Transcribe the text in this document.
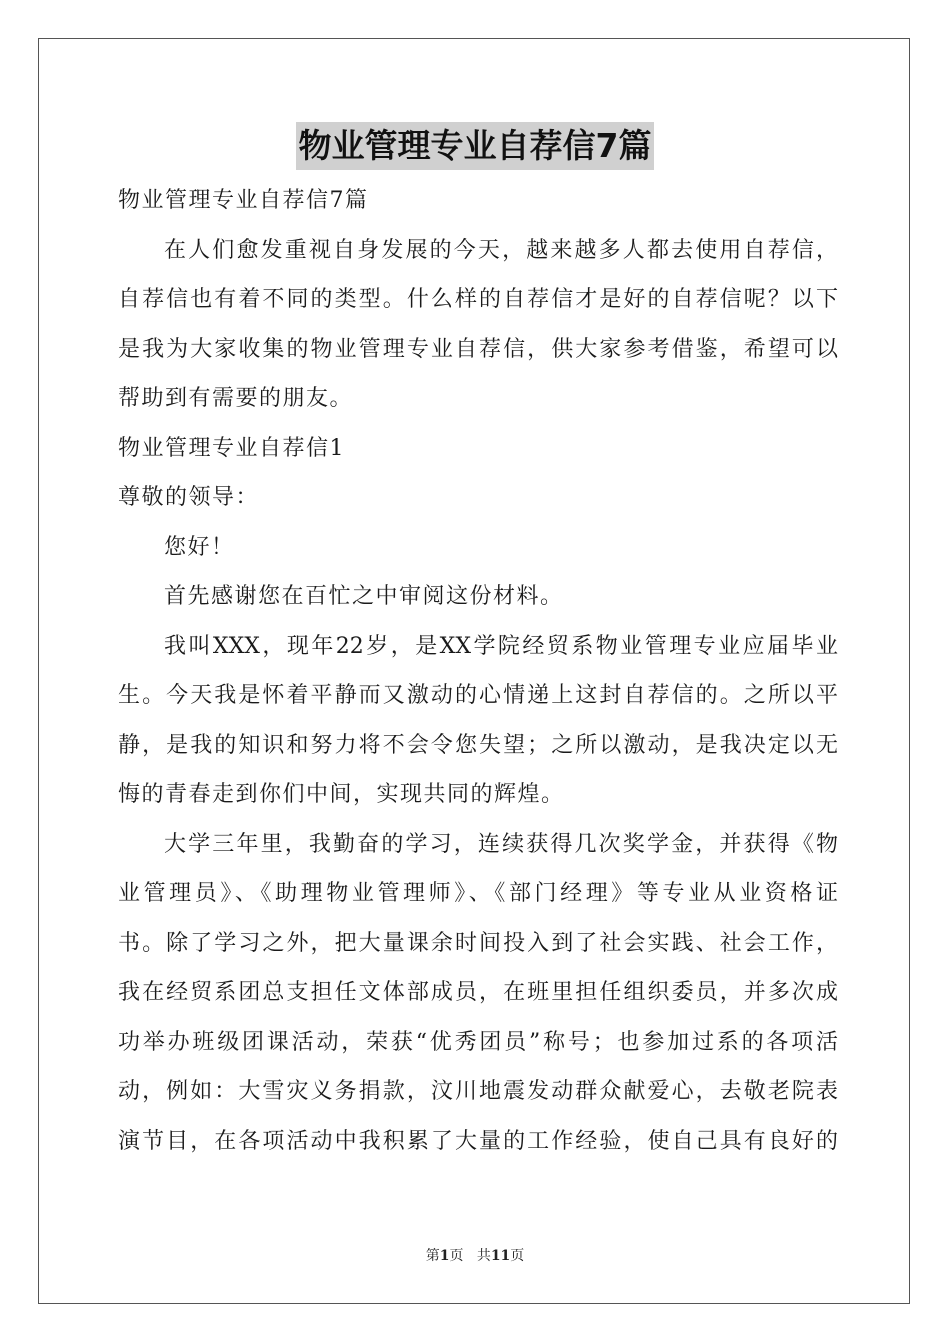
物业管理专业自荐信7篇
物业管理专业自荐信7篇
在人们愈发重视自身发展的今天，越来越多人都去使用自荐信，
自荐信也有着不同的类型。什么样的自荐信才是好的自荐信呢？以下
是我为大家收集的物业管理专业自荐信，供大家参考借鉴，希望可以
帮助到有需要的朋友。
物业管理专业自荐信1
尊敬的领导：
您好！
首先感谢您在百忙之中审阅这份材料。
我叫XXX，现年22岁，是XX学院经贸系物业管理专业应届毕业
生。今天我是怀着平静而又激动的心情递上这封自荐信的。之所以平
静，是我的知识和努力将不会令您失望；之所以激动，是我决定以无
悔的青春走到你们中间，实现共同的辉煌。
大学三年里，我勤奋的学习，连续获得几次奖学金，并获得《物
业管理员》、《助理物业管理师》、《部门经理》等专业从业资格证
书。除了学习之外，把大量课余时间投入到了社会实践、社会工作，
我在经贸系团总支担任文体部成员，在班里担任组织委员，并多次成
功举办班级团课活动，荣获“优秀团员”称号；也参加过系的各项活
动，例如：大雪灾义务捐款，汶川地震发动群众献爱心，去敬老院表
演节目，在各项活动中我积累了大量的工作经验，使自己具有良好的
第1页 共11页
